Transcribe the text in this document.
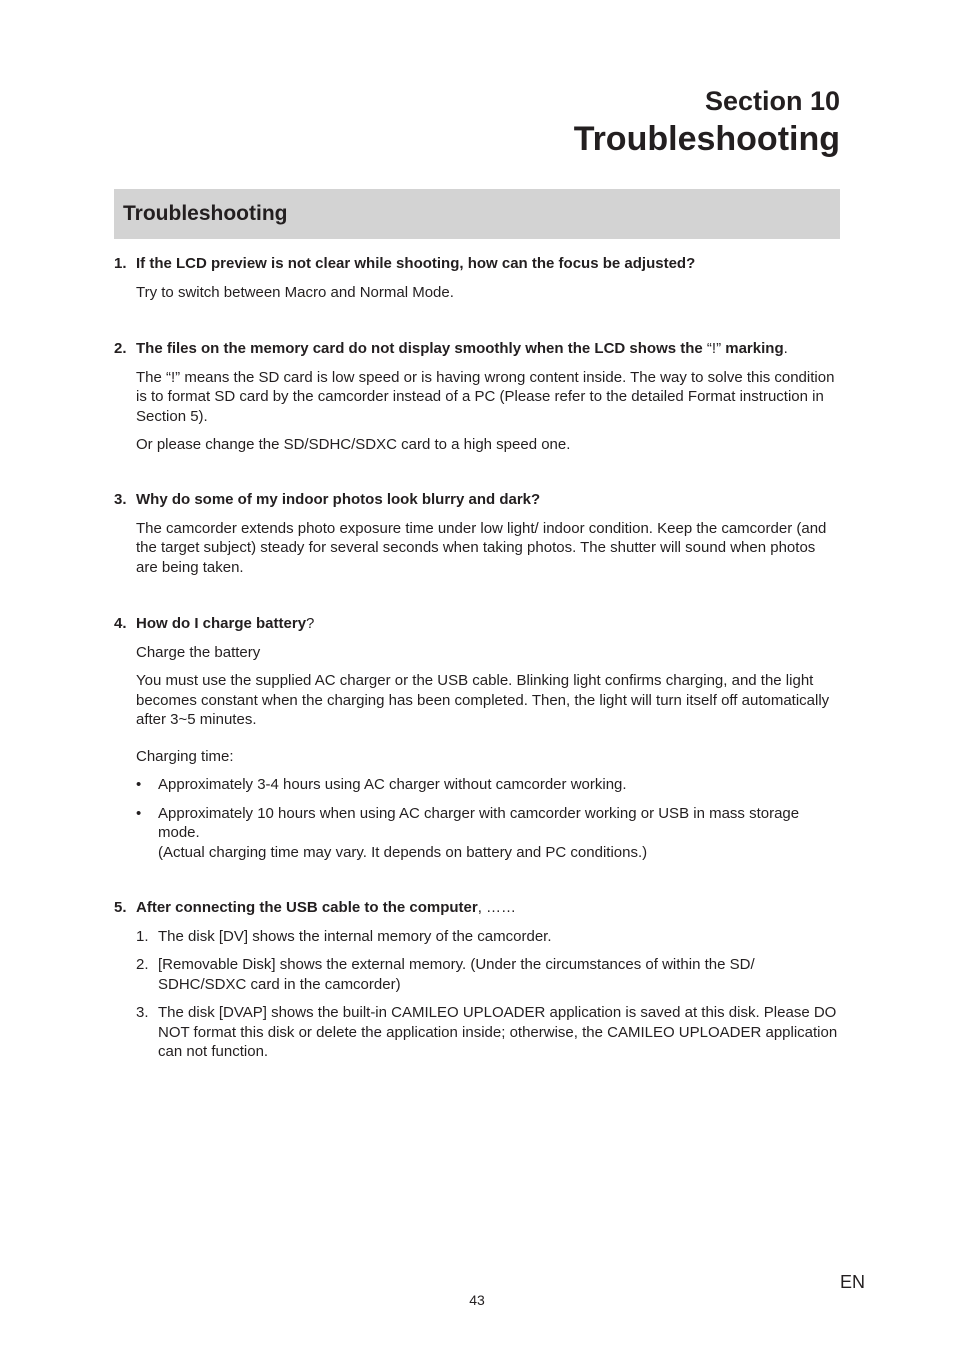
Section 10
Troubleshooting
Troubleshooting
1. If the LCD preview is not clear while shooting, how can the focus be adjusted?
Try to switch between Macro and Normal Mode.
2. The files on the memory card do not display smoothly when the LCD shows the “!” marking.
The “!” means the SD card is low speed or is having wrong content inside. The way to solve this condition is to format SD card by the camcorder instead of a PC (Please refer to the detailed Format instruction in Section 5).
Or please change the SD/SDHC/SDXC card to a high speed one.
3. Why do some of my indoor photos look blurry and dark?
The camcorder extends photo exposure time under low light/ indoor condition. Keep the camcorder (and the target subject) steady for several seconds when taking photos. The shutter will sound when photos are being taken.
4. How do I charge battery?
Charge the battery
You must use the supplied AC charger or the USB cable. Blinking light confirms charging, and the light becomes constant when the charging has been completed. Then, the light will turn itself off automatically after 3~5 minutes.
Charging time:
• Approximately 3-4 hours using AC charger without camcorder working.
• Approximately 10 hours when using AC charger with camcorder working or USB in mass storage mode.
(Actual charging time may vary. It depends on battery and PC conditions.)
5. After connecting the USB cable to the computer, ……
1. The disk [DV] shows the internal memory of the camcorder.
2. [Removable Disk] shows the external memory. (Under the circumstances of within the SD/ SDHC/SDXC card in the camcorder)
3. The disk [DVAP] shows the built-in CAMILEO UPLOADER application is saved at this disk. Please DO NOT format this disk or delete the application inside; otherwise, the CAMILEO UPLOADER application can not function.
EN
43
